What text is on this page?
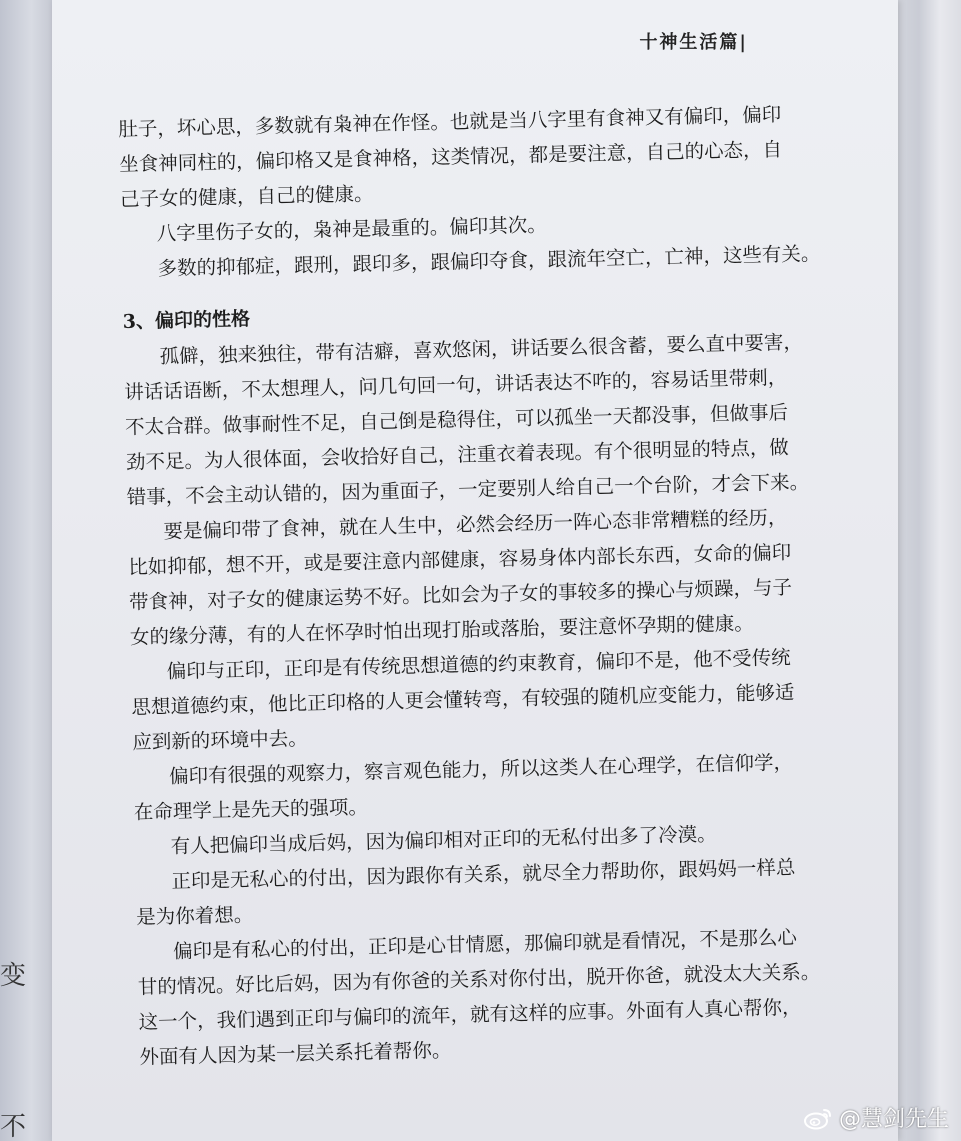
变
不
十神生活篇|
肚子，坏心思，多数就有枭神在作怪。也就是当八字里有食神又有偏印，偏印
坐食神同柱的，偏印格又是食神格，这类情况，都是要注意，自己的心态，自
己子女的健康，自己的健康。
八字里伤子女的，枭神是最重的。偏印其次。
多数的抑郁症，跟刑，跟印多，跟偏印夺食，跟流年空亡，亡神，这些有关。
3、偏印的性格
孤僻，独来独往，带有洁癖，喜欢悠闲，讲话要么很含蓄，要么直中要害，
讲话话语断，不太想理人，问几句回一句，讲话表达不咋的，容易话里带刺，
不太合群。做事耐性不足，自己倒是稳得住，可以孤坐一天都没事，但做事后
劲不足。为人很体面，会收拾好自己，注重衣着表现。有个很明显的特点，做
错事，不会主动认错的，因为重面子，一定要别人给自己一个台阶，才会下来。
要是偏印带了食神，就在人生中，必然会经历一阵心态非常糟糕的经历，
比如抑郁，想不开，或是要注意内部健康，容易身体内部长东西，女命的偏印
带食神，对子女的健康运势不好。比如会为子女的事较多的操心与烦躁，与子
女的缘分薄，有的人在怀孕时怕出现打胎或落胎，要注意怀孕期的健康。
偏印与正印，正印是有传统思想道德的约束教育，偏印不是，他不受传统
思想道德约束，他比正印格的人更会懂转弯，有较强的随机应变能力，能够适
应到新的环境中去。
偏印有很强的观察力，察言观色能力，所以这类人在心理学，在信仰学，
在命理学上是先天的强项。
有人把偏印当成后妈，因为偏印相对正印的无私付出多了冷漠。
正印是无私心的付出，因为跟你有关系，就尽全力帮助你，跟妈妈一样总
是为你着想。
偏印是有私心的付出，正印是心甘情愿，那偏印就是看情况，不是那么心
甘的情况。好比后妈，因为有你爸的关系对你付出，脱开你爸，就没太大关系。
这一个，我们遇到正印与偏印的流年，就有这样的应事。外面有人真心帮你，
外面有人因为某一层关系托着帮你。
@慧剑先生
